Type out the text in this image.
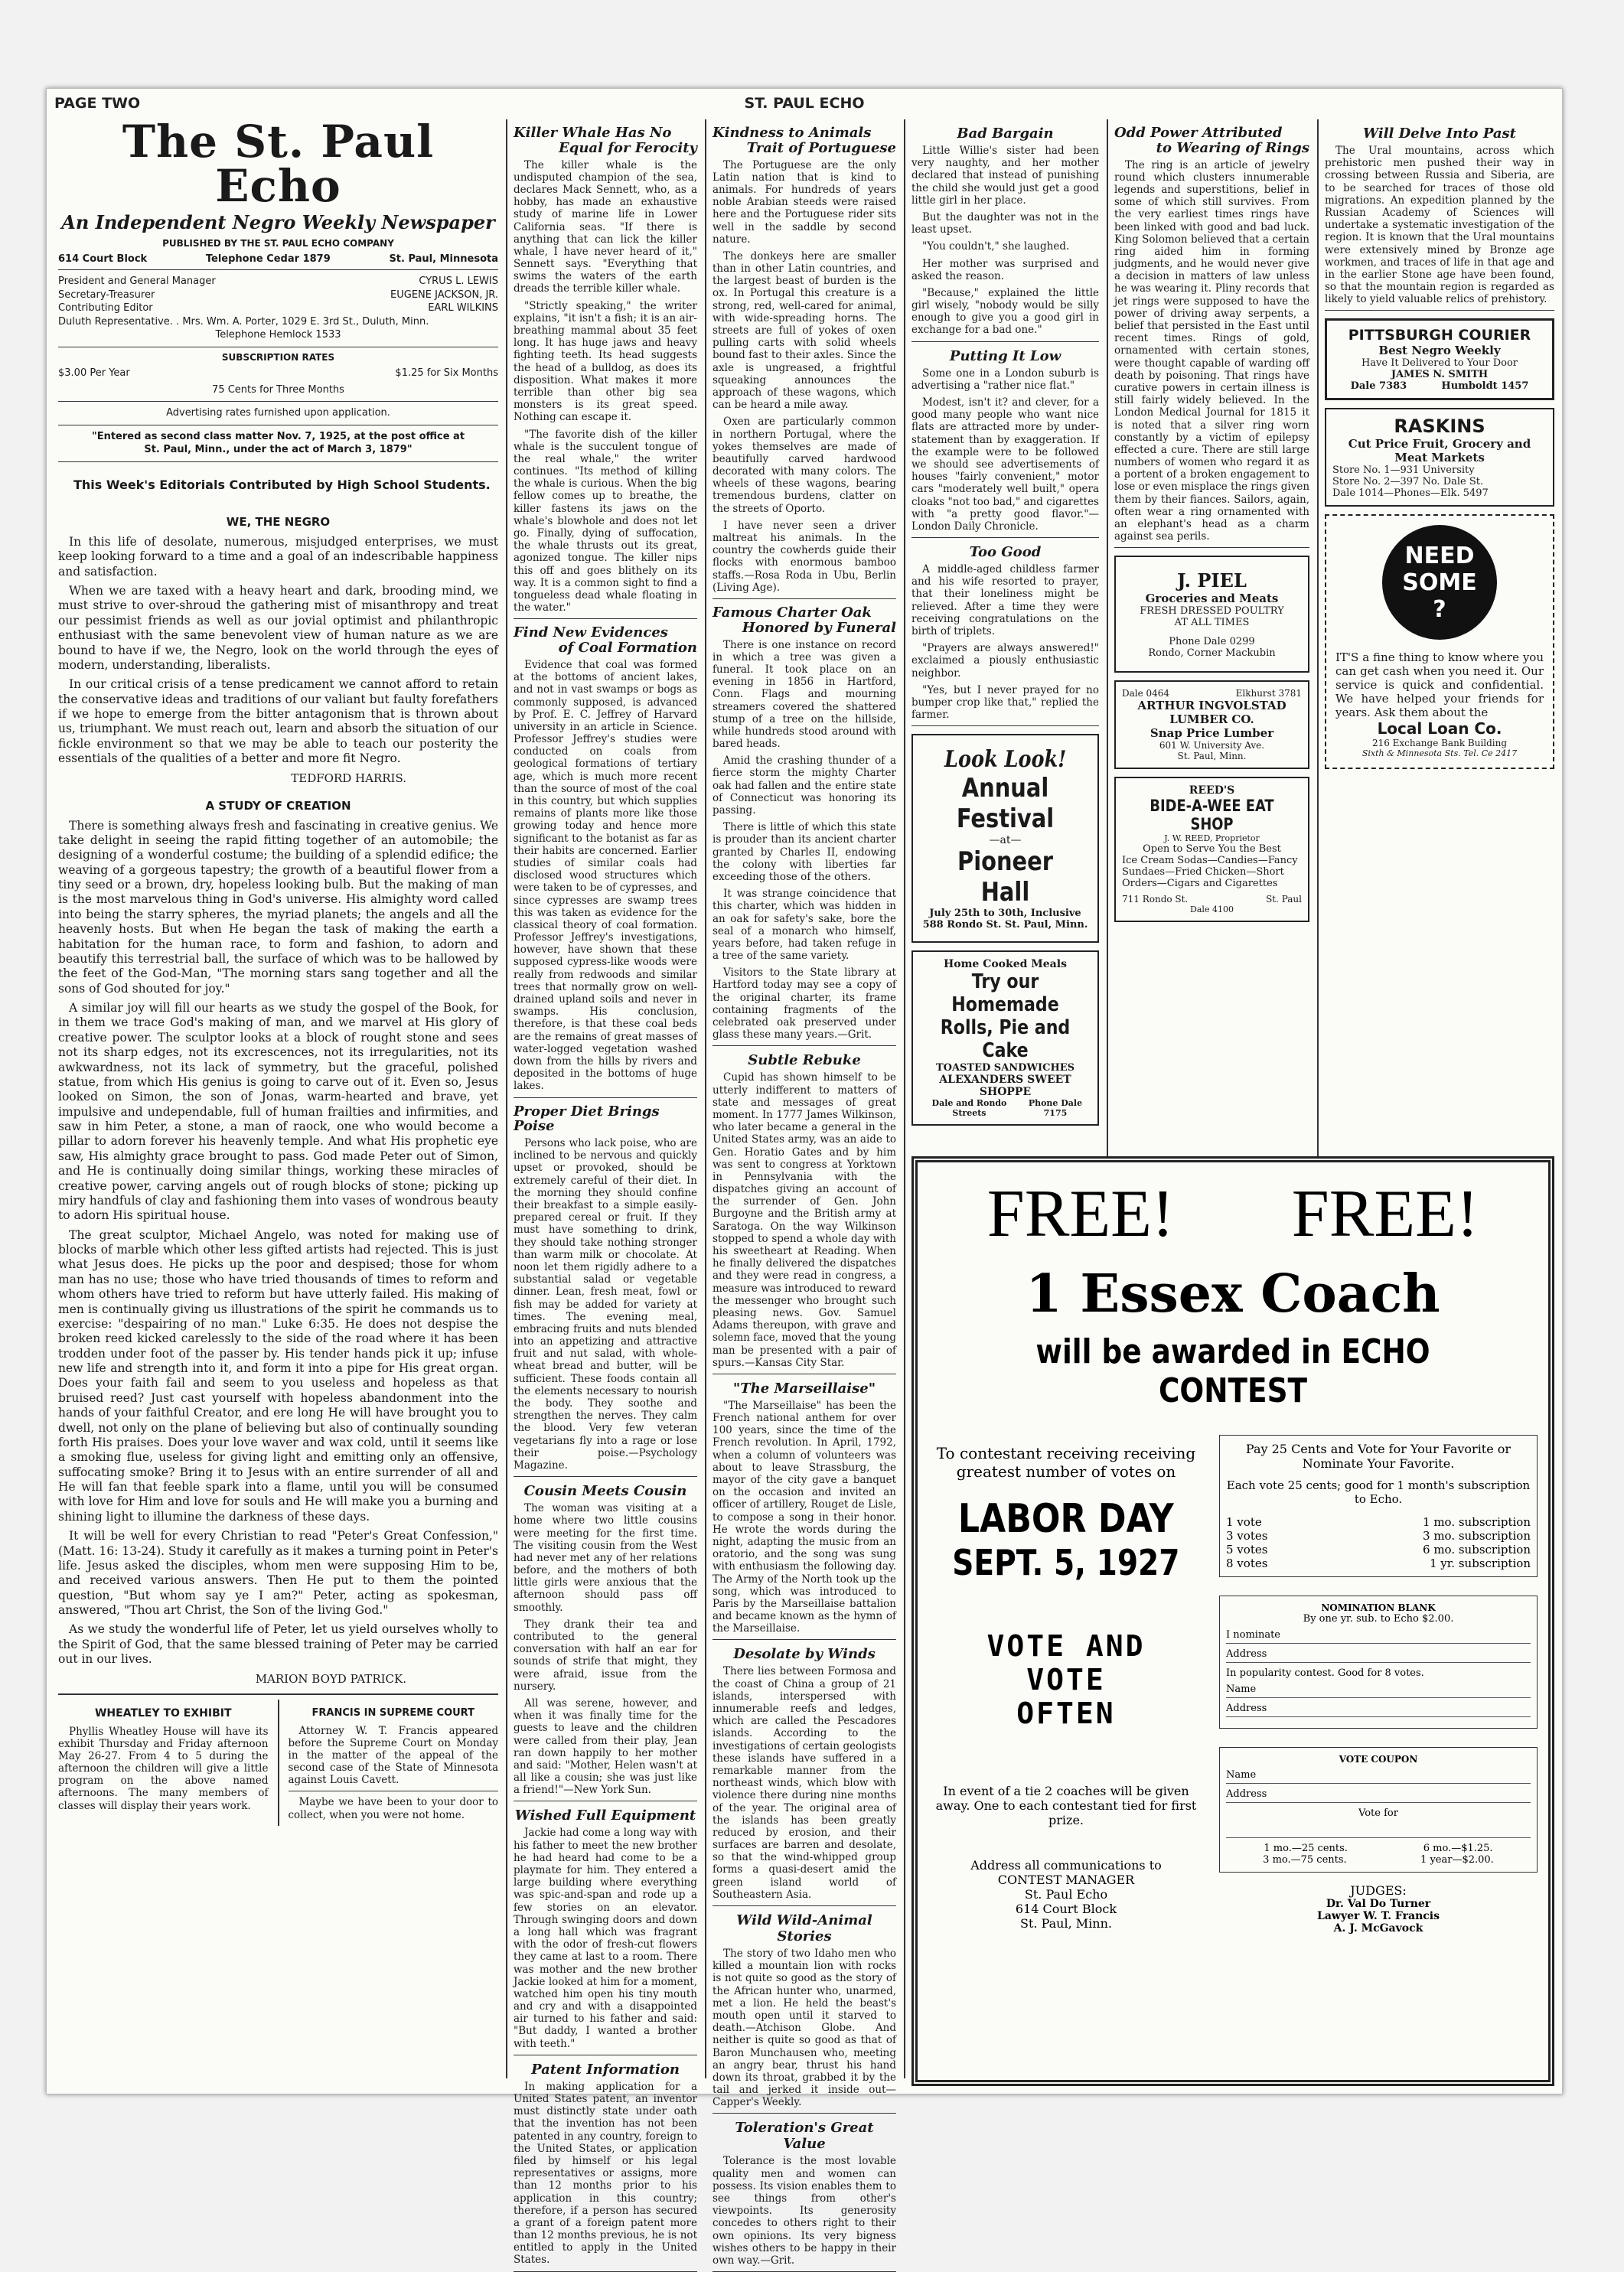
PAGE TWO	ST. PAUL ECHO
The St. Paul Echo
An Independent Negro Weekly Newspaper
PUBLISHED BY THE ST. PAUL ECHO COMPANY
614 Court Block	Telephone Cedar 1879	St. Paul, Minnesota
President and General Manager	CYRUS L. LEWIS
Secretary-Treasurer	EUGENE JACKSON, JR.
Contributing Editor	EARL WILKINS
Duluth Representative. . Mrs. Wm. A. Porter, 1029 E. 3rd St., Duluth, Minn.
Telephone Hemlock 1533
SUBSCRIPTION RATES
$3.00 Per Year	$1.25 for Six Months
75 Cents for Three Months
Advertising rates furnished upon application.
"Entered as second class matter Nov. 7, 1925, at the post office at St. Paul, Minn., under the act of March 3, 1879"
This Week's Editorials Contributed by High School Students.
WE, THE NEGRO

In this life of desolate, numerous, misjudged enterprises, we must keep looking forward to a time and a goal of an indescribable happiness and satisfaction.

When we are taxed with a heavy heart and dark, brooding mind, we must strive to over-shroud the gathering mist of misanthropy and treat our pessimist friends as well as our jovial optimist and philanthropic enthusiast with the same benevolent view of human nature as we are bound to have if we, the Negro, look on the world through the eyes of modern, understanding, liberalists.

In our critical crisis of a tense predicament we cannot afford to retain the conservative ideas and traditions of our valiant but faulty forefathers if we hope to emerge from the bitter antagonism that is thrown about us, triumphant. We must reach out, learn and absorb the situation of our fickle environment so that we may be able to teach our posterity the essentials of the qualities of a better and more fit Negro.

TEDFORD HARRIS.
A STUDY OF CREATION

There is something always fresh and fascinating in creative genius. We take delight in seeing the rapid fitting together of an automobile; the designing of a wonderful costume; the building of a splendid edifice; the weaving of a gorgeous tapestry; the growth of a beautiful flower from a tiny seed or a brown, dry, hopeless looking bulb. But the making of man is the most marvelous thing in God's universe. His almighty word called into being the starry spheres, the myriad planets; the angels and all the heavenly hosts. But when He began the task of making the earth a habitation for the human race, to form and fashion, to adorn and beautify this terrestrial ball, the surface of which was to be hallowed by the feet of the God-Man, "The morning stars sang together and all the sons of God shouted for joy."

A similar joy will fill our hearts as we study the gospel of the Book, for in them we trace God's making of man, and we marvel at His glory of creative power. The sculptor looks at a block of rought stone and sees not its sharp edges, not its excrescences, not its irregularities, not its awkwardness, not its lack of symmetry, but the graceful, polished statue, from which His genius is going to carve out of it. Even so, Jesus looked on Simon, the son of Jonas, warm-hearted and brave, yet impulsive and undependable, full of human frailties and infirmities, and saw in him Peter, a stone, a man of raock, one who would become a pillar to adorn forever his heavenly temple. And what His prophetic eye saw, His almighty grace brought to pass. God made Peter out of Simon, and He is continually doing similar things, working these miracles of creative power, carving angels out of rough blocks of stone; picking up miry handfuls of clay and fashioning them into vases of wondrous beauty to adorn His spiritual house.

The great sculptor, Michael Angelo, was noted for making use of blocks of marble which other less gifted artists had rejected. This is just what Jesus does. He picks up the poor and despised; those for whom man has no use; those who have tried thousands of times to reform and whom others have tried to reform but have utterly failed. His making of men is continually giving us illustrations of the spirit he commands us to exercise: "despairing of no man." Luke 6:35. He does not despise the broken reed kicked carelessly to the side of the road where it has been trodden under foot of the passer by. His tender hands pick it up; infuse new life and strength into it, and form it into a pipe for His great organ. Does your faith fail and seem to you useless and hopeless as that bruised reed? Just cast yourself with hopeless abandonment into the hands of your faithful Creator, and ere long He will have brought you to dwell, not only on the plane of believing but also of continually sounding forth His praises. Does your love waver and wax cold, until it seems like a smoking flue, useless for giving light and emitting only an offensive, suffocating smoke? Bring it to Jesus with an entire surrender of all and He will fan that feeble spark into a flame, until you will be consumed with love for Him and love for souls and He will make you a burning and shining light to illumine the darkness of these days.

It will be well for every Christian to read "Peter's Great Confession," (Matt. 16: 13-24). Study it carefully as it makes a turning point in Peter's life. Jesus asked the disciples, whom men were supposing Him to be, and received various answers. Then He put to them the pointed question, "But whom say ye I am?" Peter, acting as spokesman, answered, "Thou art Christ, the Son of the living God."

As we study the wonderful life of Peter, let us yield ourselves wholly to the Spirit of God, that the same blessed training of Peter may be carried out in our lives.

MARION BOYD PATRICK.
WHEATLEY TO EXHIBIT

Phyllis Wheatley House will have its exhibit Thursday and Friday afternoon May 26-27. From 4 to 5 during the afternoon the children will give a little program on the above named afternoons. The many members of classes will display their years work.

FRANCIS IN SUPREME COURT

Attorney W. T. Francis appeared before the Supreme Court on Monday in the matter of the appeal of the second case of the State of Minnesota against Louis Cavett.

Maybe we have been to your door to collect, when you were not home.

Killer Whale Has No
Equal for Ferocity

The killer whale is the undisputed champion of the sea, declares Mack Sennett, who, as a hobby, has made an exhaustive study of marine life in Lower California seas. "If there is anything that can lick the killer whale, I have never heard of it," Sennett says. "Everything that swims the waters of the earth dreads the terrible killer whale.

"Strictly speaking," the writer explains, "it isn't a fish; it is an air-breathing mammal about 35 feet long. It has huge jaws and heavy fighting teeth. Its head suggests the head of a bulldog, as does its disposition. What makes it more terrible than other big sea monsters is its great speed. Nothing can escape it.

"The favorite dish of the killer whale is the succulent tongue of the real whale," the writer continues. "Its method of killing the whale is curious. When the big fellow comes up to breathe, the killer fastens its jaws on the whale's blowhole and does not let go. Finally, dying of suffocation, the whale thrusts out its great, agonized tongue. The killer nips this off and goes blithely on its way. It is a common sight to find a tongueless dead whale floating in the water."

Find New Evidences
of Coal Formation

Evidence that coal was formed at the bottoms of ancient lakes, and not in vast swamps or bogs as commonly supposed, is advanced by Prof. E. C. Jeffrey of Harvard university in an article in Science. Professor Jeffrey's studies were conducted on coals from geological formations of tertiary age, which is much more recent than the source of most of the coal in this country, but which supplies remains of plants more like those growing today and hence more significant to the botanist as far as their habits are concerned. Earlier studies of similar coals had disclosed wood structures which were taken to be of cypresses, and since cypresses are swamp trees this was taken as evidence for the classical theory of coal formation. Professor Jeffrey's investigations, however, have shown that these supposed cypress-like woods were really from redwoods and similar trees that normally grow on well-drained upland soils and never in swamps. His conclusion, therefore, is that these coal beds are the remains of great masses of water-logged vegetation washed down from the hills by rivers and deposited in the bottoms of huge lakes.

Proper Diet Brings Poise

Persons who lack poise, who are inclined to be nervous and quickly upset or provoked, should be extremely careful of their diet. In the morning they should confine their breakfast to a simple easily-prepared cereal or fruit. If they must have something to drink, they should take nothing stronger than warm milk or chocolate. At noon let them rigidly adhere to a substantial salad or vegetable dinner. Lean, fresh meat, fowl or fish may be added for variety at times. The evening meal, embracing fruits and nuts blended into an appetizing and attractive fruit and nut salad, with whole-wheat bread and butter, will be sufficient. These foods contain all the elements necessary to nourish the body. They soothe and strengthen the nerves. They calm the blood. Very few veteran vegetarians fly into a rage or lose their poise.—Psychology Magazine.

Cousin Meets Cousin

The woman was visiting at a home where two little cousins were meeting for the first time. The visiting cousin from the West had never met any of her relations before, and the mothers of both little girls were anxious that the afternoon should pass off smoothly.

They drank their tea and contributed to the general conversation with half an ear for sounds of strife that might, they were afraid, issue from the nursery.

All was serene, however, and when it was finally time for the guests to leave and the children were called from their play, Jean ran down happily to her mother and said: "Mother, Helen wasn't at all like a cousin; she was just like a friend!"—New York Sun.

Wished Full Equipment

Jackie had come a long way with his father to meet the new brother he had heard had come to be a playmate for him. They entered a large building where everything was spic-and-span and rode up a few stories on an elevator. Through swinging doors and down a long hall which was fragrant with the odor of fresh-cut flowers they came at last to a room. There was mother and the new brother Jackie looked at him for a moment, watched him open his tiny mouth and cry and with a disappointed air turned to his father and said: "But daddy, I wanted a brother with teeth."

Patent Information

In making application for a United States patent, an inventor must distinctly state under oath that the invention has not been patented in any country, foreign to the United States, or application filed by himself or his legal representatives or assigns, more than 12 months prior to his application in this country; therefore, if a person has secured a grant of a foreign patent more than 12 months previous, he is not entitled to apply in the United States.

Kindness to Animals
Trait of Portuguese

The Portuguese are the only Latin nation that is kind to animals. For hundreds of years noble Arabian steeds were raised here and the Portuguese rider sits well in the saddle by second nature.

The donkeys here are smaller than in other Latin countries, and the largest beast of burden is the ox. In Portugal this creature is a strong, red, well-cared for animal, with wide-spreading horns. The streets are full of yokes of oxen pulling carts with solid wheels bound fast to their axles. Since the axle is ungreased, a frightful squeaking announces the approach of these wagons, which can be heard a mile away.

Oxen are particularly common in northern Portugal, where the yokes themselves are made of beautifully carved hardwood decorated with many colors. The wheels of these wagons, bearing tremendous burdens, clatter on the streets of Oporto.

I have never seen a driver maltreat his animals. In the country the cowherds guide their flocks with enormous bamboo staffs.—Rosa Roda in Ubu, Berlin (Living Age).

Famous Charter Oak
Honored by Funeral

There is one instance on record in which a tree was given a funeral. It took place on an evening in 1856 in Hartford, Conn. Flags and mourning streamers covered the shattered stump of a tree on the hillside, while hundreds stood around with bared heads.

Amid the crashing thunder of a fierce storm the mighty Charter oak had fallen and the entire state of Connecticut was honoring its passing.

There is little of which this state is prouder than its ancient charter granted by Charles II, endowing the colony with liberties far exceeding those of the others.

It was strange coincidence that this charter, which was hidden in an oak for safety's sake, bore the seal of a monarch who himself, years before, had taken refuge in a tree of the same variety.

Visitors to the State library at Hartford today may see a copy of the original charter, its frame containing fragments of the celebrated oak preserved under glass these many years.—Grit.

Subtle Rebuke

Cupid has shown himself to be utterly indifferent to matters of state and messages of great moment. In 1777 James Wilkinson, who later became a general in the United States army, was an aide to Gen. Horatio Gates and by him was sent to congress at Yorktown in Pennsylvania with the dispatches giving an account of the surrender of Gen. John Burgoyne and the British army at Saratoga. On the way Wilkinson stopped to spend a whole day with his sweetheart at Reading. When he finally delivered the dispatches and they were read in congress, a measure was introduced to reward the messenger who brought such pleasing news. Gov. Samuel Adams thereupon, with grave and solemn face, moved that the young man be presented with a pair of spurs.—Kansas City Star.

"The Marseillaise"

"The Marseillaise" has been the French national anthem for over 100 years, since the time of the French revolution. In April, 1792, when a column of volunteers was about to leave Strassburg, the mayor of the city gave a banquet on the occasion and invited an officer of artillery, Rouget de Lisle, to compose a song in their honor. He wrote the words during the night, adapting the music from an oratorio, and the song was sung with enthusiasm the following day. The Army of the North took up the song, which was introduced to Paris by the Marseillaise battalion and became known as the hymn of the Marseillaise.

Desolate by Winds

There lies between Formosa and the coast of China a group of 21 islands, interspersed with innumerable reefs and ledges, which are called the Pescadores islands. According to the investigations of certain geologists these islands have suffered in a remarkable manner from the northeast winds, which blow with violence there during nine months of the year. The original area of the islands has been greatly reduced by erosion, and their surfaces are barren and desolate, so that the wind-whipped group forms a quasi-desert amid the green island world of Southeastern Asia.

Wild Wild-Animal Stories

The story of two Idaho men who killed a mountain lion with rocks is not quite so good as the story of the African hunter who, unarmed, met a lion. He held the beast's mouth open until it starved to death.—Atchison Globe. And neither is quite so good as that of Baron Munchausen who, meeting an angry bear, thrust his hand down its throat, grabbed it by the tail and jerked it inside out—Capper's Weekly.

Toleration's Great Value

Tolerance is the most lovable quality men and women can possess. Its vision enables them to see things from other's viewpoints. Its generosity concedes to others right to their own opinions. Its very bigness wishes others to be happy in their own way.—Grit.

Bad Bargain

Little Willie's sister had been very naughty, and her mother declared that instead of punishing the child she would just get a good little girl in her place.

But the daughter was not in the least upset.

"You couldn't," she laughed.

Her mother was surprised and asked the reason.

"Because," explained the little girl wisely, "nobody would be silly enough to give you a good girl in exchange for a bad one."

Putting It Low

Some one in a London suburb is advertising a "rather nice flat."

Modest, isn't it? and clever, for a good many people who want nice flats are attracted more by under-statement than by exaggeration. If the example were to be followed we should see advertisements of houses "fairly convenient," motor cars "moderately well built," opera cloaks "not too bad," and cigarettes with "a pretty good flavor."—London Daily Chronicle.

Too Good

A middle-aged childless farmer and his wife resorted to prayer, that their loneliness might be relieved. After a time they were receiving congratulations on the birth of triplets.

"Prayers are always answered!" exclaimed a piously enthusiastic neighbor.

"Yes, but I never prayed for no bumper crop like that," replied the farmer.

Look Look! Annual Festival
—at—
Pioneer Hall
July 25th to 30th, Inclusive
588 Rondo St. St. Paul, Minn.
Home Cooked Meals
Try our Homemade Rolls, Pie and Cake
TOASTED SANDWICHES
ALEXANDERS SWEET SHOPPE
Dale and Rondo Streets
Phone Dale 7175
Odd Power Attributed
to Wearing of Rings

The ring is an article of jewelry round which clusters innumerable legends and superstitions, belief in some of which still survives. From the very earliest times rings have been linked with good and bad luck. King Solomon believed that a certain ring aided him in forming judgments, and he would never give a decision in matters of law unless he was wearing it. Pliny records that jet rings were supposed to have the power of driving away serpents, a belief that persisted in the East until recent times. Rings of gold, ornamented with certain stones, were thought capable of warding off death by poisoning. That rings have curative powers in certain illness is still fairly widely believed. In the London Medical Journal for 1815 it is noted that a silver ring worn constantly by a victim of epilepsy effected a cure. There are still large numbers of women who regard it as a portent of a broken engagement to lose or even misplace the rings given them by their fiances. Sailors, again, often wear a ring ornamented with an elephant's head as a charm against sea perils.

J. PIEL
Groceries and Meats
FRESH DRESSED POULTRY
AT ALL TIMES
Phone Dale 0299
Rondo, Corner Mackubin
Dale 0464	Elkhurst 3781
ARTHUR INGVOLSTAD LUMBER CO.
Snap Price Lumber
601 W. University Ave.
St. Paul, Minn.
REED'S
BIDE-A-WEE EAT SHOP
J. W. REED, Proprietor
Open to Serve You the Best
Ice Cream Sodas—Candies—Fancy Sundaes—Fried Chicken—Short Orders—Cigars and Cigarettes
711 Rondo St.	St. Paul
Dale 4100
Will Delve Into Past

The Ural mountains, across which prehistoric men pushed their way in crossing between Russia and Siberia, are to be searched for traces of those old migrations. An expedition planned by the Russian Academy of Sciences will undertake a systematic investigation of the region. It is known that the Ural mountains were extensively mined by Bronze age workmen, and traces of life in that age and in the earlier Stone age have been found, so that the mountain region is regarded as likely to yield valuable relics of prehistory.

PITTSBURGH COURIER
Best Negro Weekly
Have It Delivered to Your Door
JAMES N. SMITH
Dale 7383	Humboldt 1457
RASKINS
Cut Price Fruit, Grocery and Meat Markets
Store No. 1—931 University
Store No. 2—397 No. Dale St.
Dale 1014—Phones—Elk. 5497
NEED
SOME
?
IT'S a fine thing to know where you can get cash when you need it. Our service is quick and confidential. We have helped your friends for years. Ask them about the
Local Loan Co.
216 Exchange Bank Building
Sixth & Minnesota Sts. Tel. Ce 2417
FREE! FREE!
1 Essex Coach
will be awarded in ECHO CONTEST
To contestant receiving receiving greatest number of votes on
LABOR DAY SEPT. 5, 1927
VOTE AND
VOTE
OFTEN
In event of a tie 2 coaches will be given away. One to each contestant tied for first prize.
Address all communications to
CONTEST MANAGER
St. Paul Echo
614 Court Block
St. Paul, Minn.
Pay 25 Cents and Vote for Your Favorite or Nominate Your Favorite.
Each vote 25 cents; good for 1 month's subscription to Echo.
1 vote	1 mo. subscription
3 votes	3 mo. subscription
5 votes	6 mo. subscription
8 votes	1 yr. subscription
NOMINATION BLANK
By one yr. sub. to Echo $2.00.
I nominate
Address
In popularity contest. Good for 8 votes.
Name
Address
VOTE COUPON
Name
Address
Vote for
1 mo.—25 cents.	6 mo.—$1.25.
3 mo.—75 cents.	1 year—$2.00.
JUDGES:
Dr. Val Do Turner
Lawyer W. T. Francis
A. J. McGavock
